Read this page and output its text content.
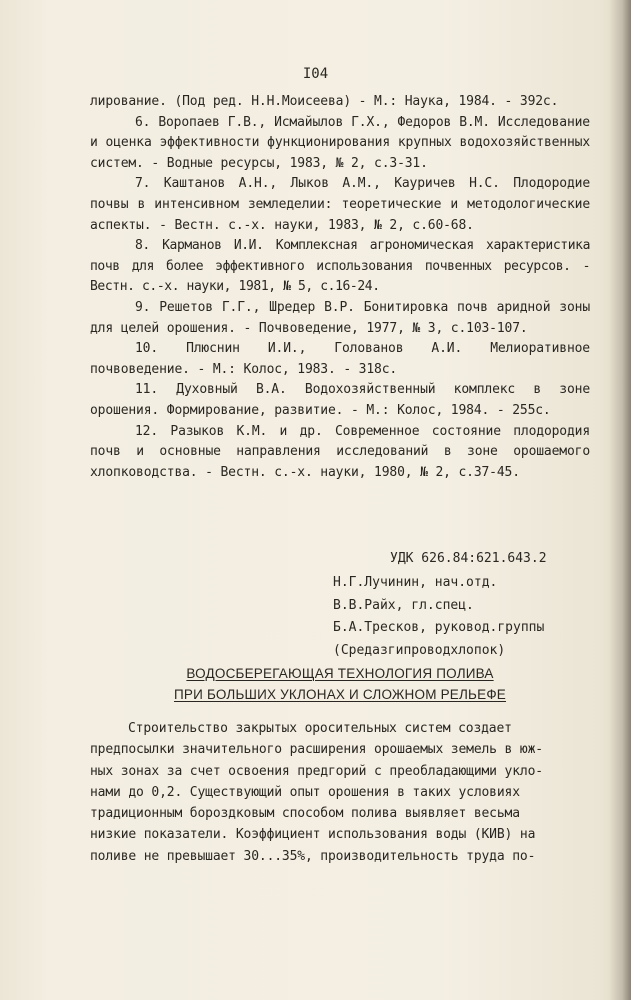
I04

лирование. (Под ред. Н.Н.Моисеева) - М.: Наука, 1984. - 392с.

6. Воропаев Г.В., Исмайылов Г.Х., Федоров В.М. Исследование и оценка эффективности функционирования крупных водохозяйственных систем. - Водные ресурсы, 1983, № 2, с.3-31.

7. Каштанов А.Н., Лыков А.М., Кауричев Н.С. Плодородие почвы в интенсивном земледелии: теоретические и методологические аспекты. - Вестн. с.-х. науки, 1983, № 2, с.60-68.

8. Карманов И.И. Комплексная агрономическая характеристика почв для более эффективного использования почвенных ресурсов. - Вестн. с.-х. науки, 1981, № 5, с.16-24.

9. Решетов Г.Г., Шредер В.Р. Бонитировка почв аридной зоны для целей орошения. - Почвоведение, 1977, № 3, с.103-107.

10. Плюснин И.И., Голованов А.И. Мелиоративное почвоведение. - М.: Колос, 1983. - 318с.

11. Духовный В.А. Водохозяйственный комплекс в зоне орошения. Формирование, развитие. - М.: Колос, 1984. - 255с.

12. Разыков К.М. и др. Современное состояние плодородия почв и основные направления исследований в зоне орошаемого хлопководства. - Вестн. с.-х. науки, 1980, № 2, с.37-45.

УДК 626.84:621.643.2
Н.Г.Лучинин, нач.отд.
В.В.Райх, гл.спец.
Б.А.Тресков, руковод.группы
(Средазгипроводхлопок)
ВОДОСБЕРЕГАЮЩАЯ ТЕХНОЛОГИЯ ПОЛИВА
ПРИ БОЛЬШИХ УКЛОНАХ И СЛОЖНОМ РЕЛЬЕФЕ
Строительство закрытых оросительных систем создает
предпосылки значительного расширения орошаемых земель в юж-
ных зонах за счет освоения предгорий с преобладающими укло-
нами до 0,2. Существующий опыт орошения в таких условиях
традиционным бороздковым способом полива выявляет весьма
низкие показатели. Коэффициент использования воды (КИВ) на
поливе не превышает 30...35%, производительность труда по-
